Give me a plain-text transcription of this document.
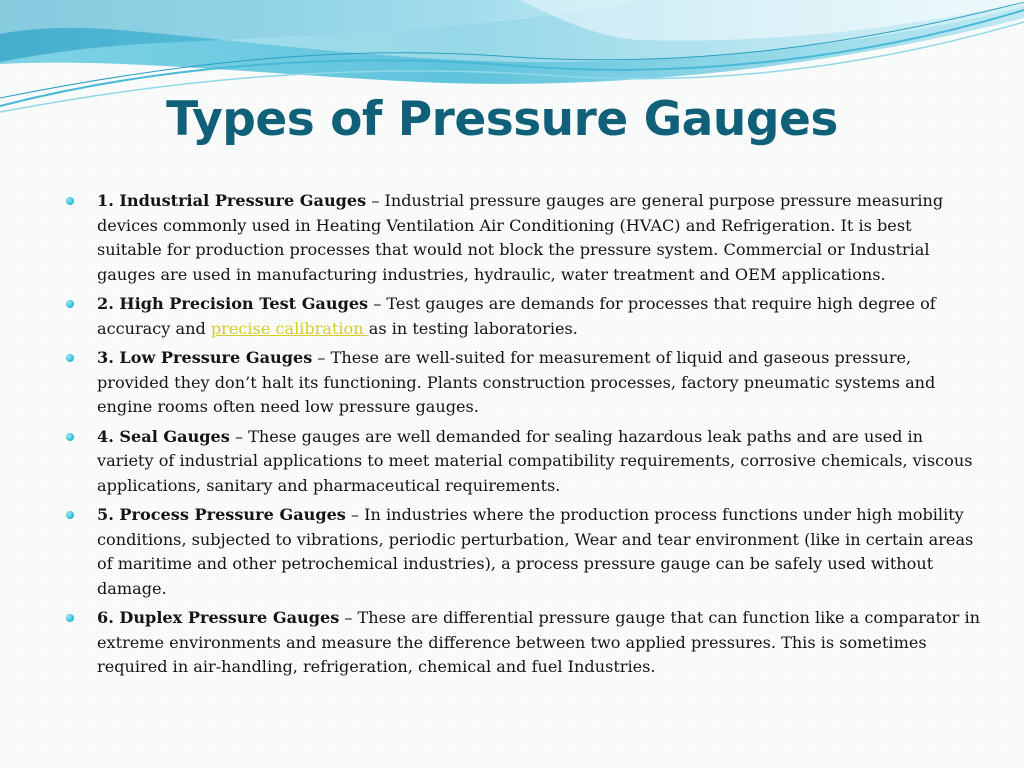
Types of Pressure Gauges
1. Industrial Pressure Gauges – Industrial pressure gauges are general purpose pressure measuring devices commonly used in Heating Ventilation Air Conditioning (HVAC) and Refrigeration. It is best suitable for production processes that would not block the pressure system. Commercial or Industrial gauges are used in manufacturing industries, hydraulic, water treatment and OEM applications.
2. High Precision Test Gauges – Test gauges are demands for processes that require high degree of accuracy and precise calibration as in testing laboratories.
3. Low Pressure Gauges – These are well-suited for measurement of liquid and gaseous pressure, provided they don’t halt its functioning. Plants construction processes, factory pneumatic systems and engine rooms often need low pressure gauges.
4. Seal Gauges – These gauges are well demanded for sealing hazardous leak paths and are used in variety of industrial applications to meet material compatibility requirements, corrosive chemicals, viscous applications, sanitary and pharmaceutical requirements.
5. Process Pressure Gauges – In industries where the production process functions under high mobility conditions, subjected to vibrations, periodic perturbation, Wear and tear environment (like in certain areas of maritime and other petrochemical industries), a process pressure gauge can be safely used without damage.
6. Duplex Pressure Gauges – These are differential pressure gauge that can function like a comparator in extreme environments and measure the difference between two applied pressures. This is sometimes required in air-handling, refrigeration, chemical and fuel Industries.
